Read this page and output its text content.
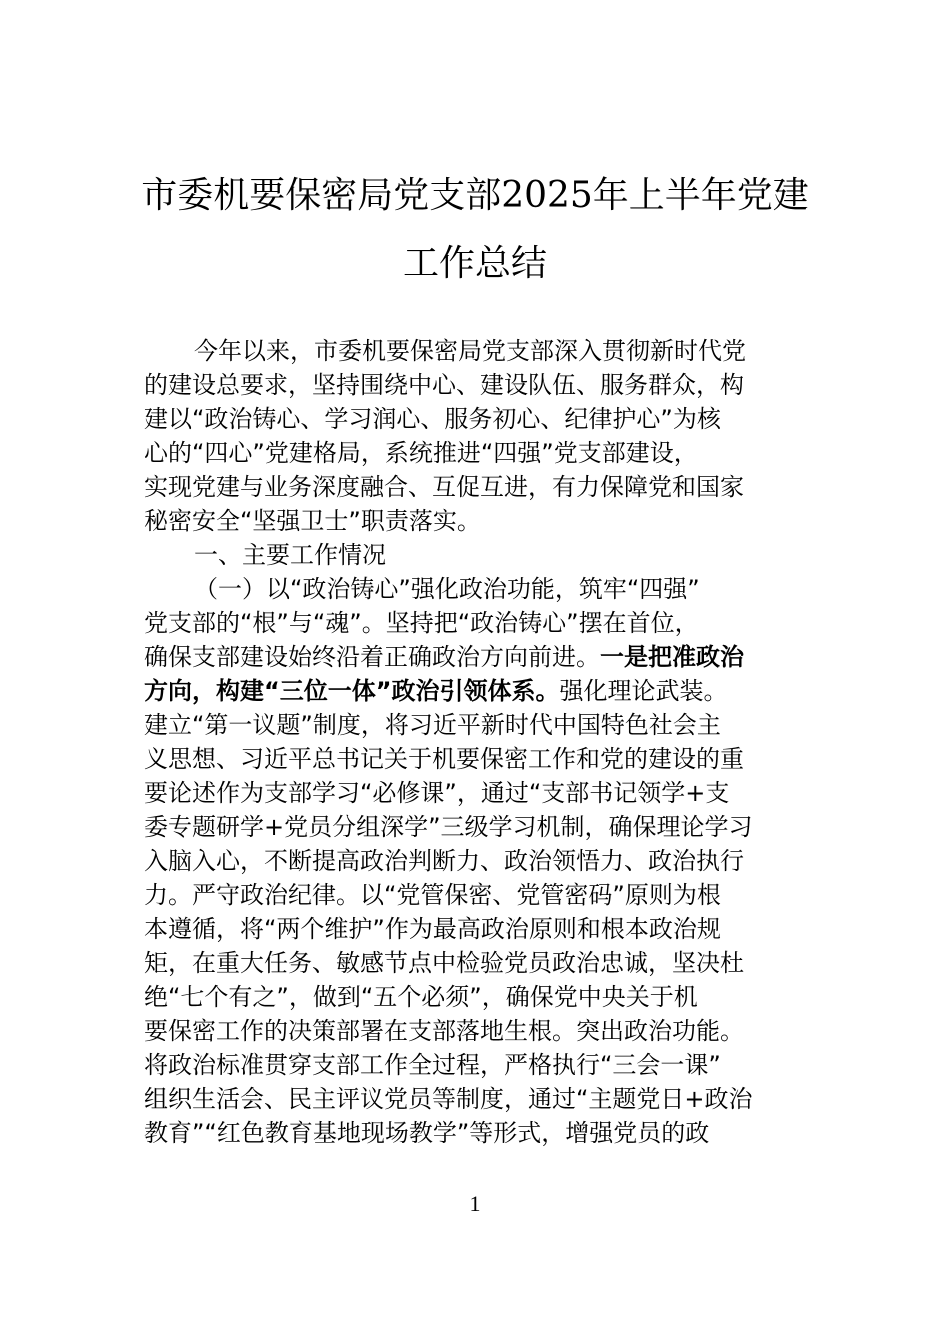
市委机要保密局党支部2025年上半年党建
工作总结
今年以来，市委机要保密局党支部深入贯彻新时代党
的建设总要求，坚持围绕中心、建设队伍、服务群众，构
建以“政治铸心、学习润心、服务初心、纪律护心”为核
心的“四心”党建格局，系统推进“四强”党支部建设，
实现党建与业务深度融合、互促互进，有力保障党和国家
秘密安全“坚强卫士”职责落实。
一、主要工作情况
（一）以“政治铸心”强化政治功能，筑牢“四强”
党支部的“根”与“魂”。坚持把“政治铸心”摆在首位，
确保支部建设始终沿着正确政治方向前进。一是把准政治
方向，构建“三位一体”政治引领体系。强化理论武装。
建立“第一议题”制度，将习近平新时代中国特色社会主
义思想、习近平总书记关于机要保密工作和党的建设的重
要论述作为支部学习“必修课”，通过“支部书记领学+支
委专题研学+党员分组深学”三级学习机制，确保理论学习
入脑入心，不断提高政治判断力、政治领悟力、政治执行
力。严守政治纪律。以“党管保密、党管密码”原则为根
本遵循，将“两个维护”作为最高政治原则和根本政治规
矩，在重大任务、敏感节点中检验党员政治忠诚，坚决杜
绝“七个有之”，做到“五个必须”，确保党中央关于机
要保密工作的决策部署在支部落地生根。突出政治功能。
将政治标准贯穿支部工作全过程，严格执行“三会一课”
组织生活会、民主评议党员等制度，通过“主题党日+政治
教育”“红色教育基地现场教学”等形式，增强党员的政
1
